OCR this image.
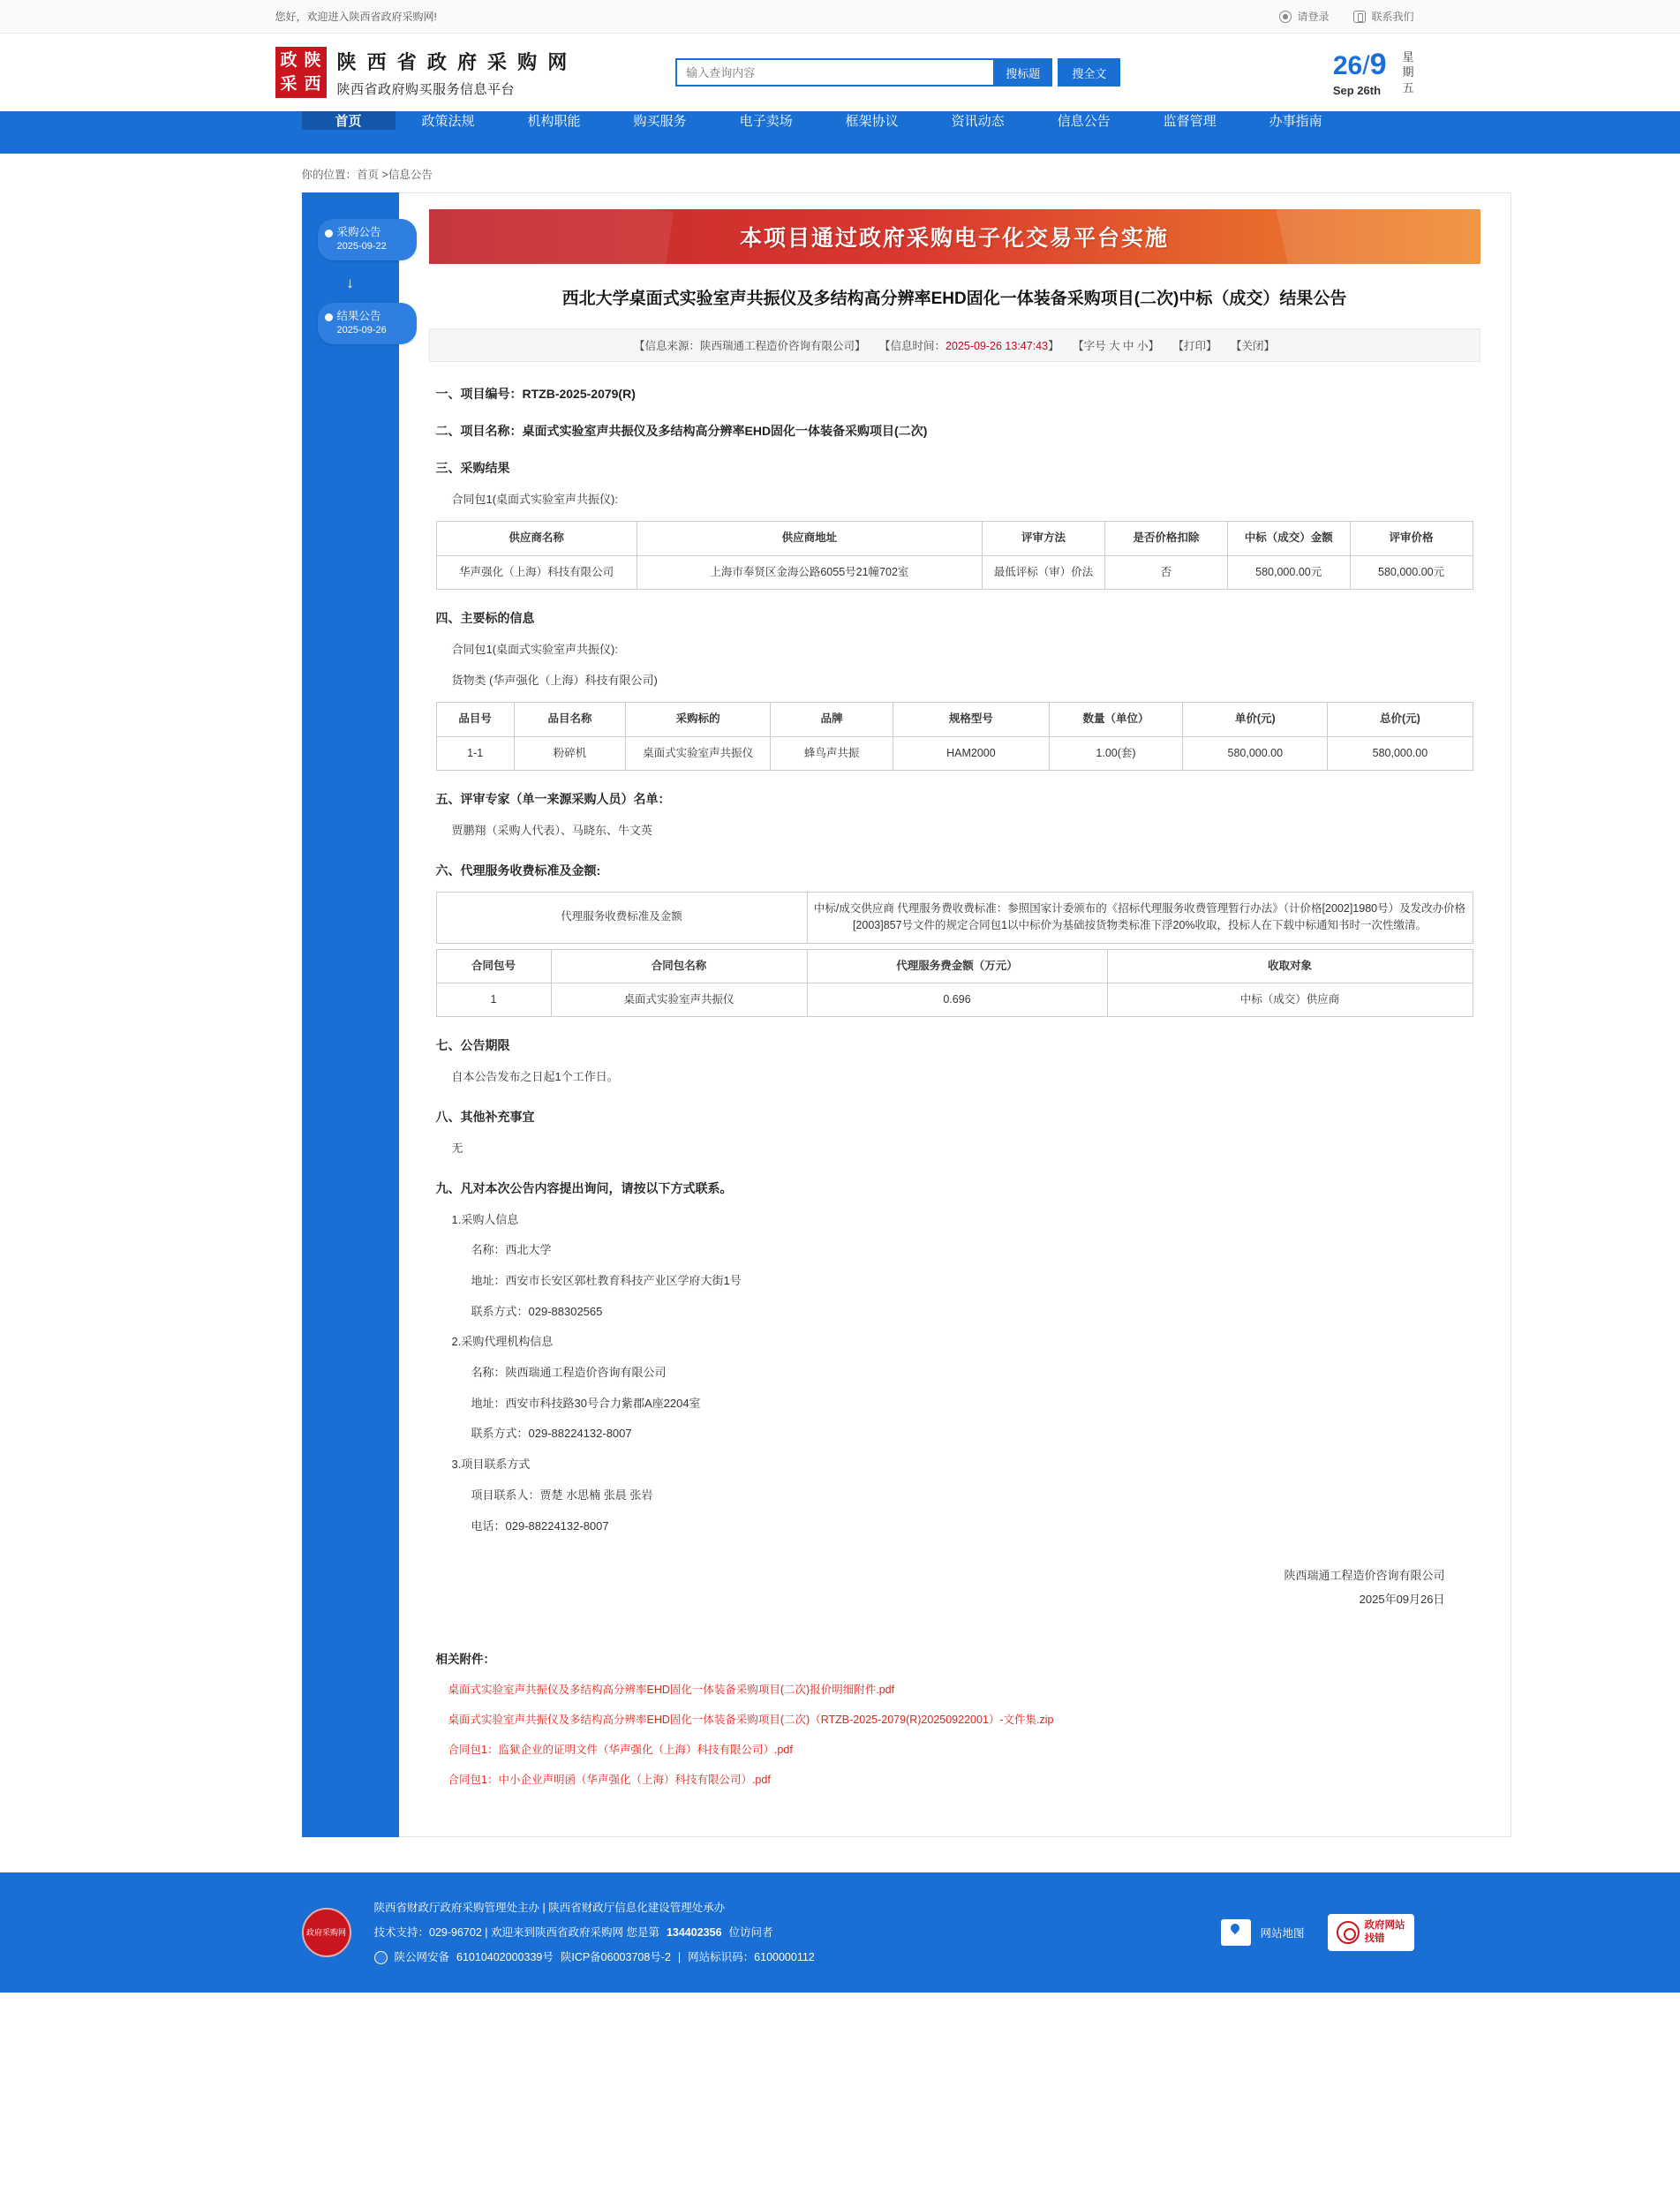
您好，欢迎进入陕西省政府采购网!	请登录	联系我们
政 陕
采 西
陕 西 省 政 府 采 购 网
陕西省政府购买服务信息平台
输入查询内容
搜标题	搜全文	26/9
Sep 26th
星
期
五
首页	政策法规	机构职能	购买服务	电子卖场	框架协议	资讯动态	信息公告	监督管理	办事指南
你的位置：首页 >信息公告
采购公告
2025-09-22
↓
结果公告
2025-09-26
本项目通过政府采购电子化交易平台实施
西北大学桌面式实验室声共振仪及多结构高分辨率EHD固化一体装备采购项目(二次)中标（成交）结果公告
【信息来源：陕西瑞通工程造价咨询有限公司】 【信息时间：2025-09-26 13:47:43】 【字号 大 中 小】 【打印】 【关闭】
一、项目编号：RTZB-2025-2079(R)
二、项目名称：桌面式实验室声共振仪及多结构高分辨率EHD固化一体装备采购项目(二次)
三、采购结果
合同包1(桌面式实验室声共振仪):
供应商名称	供应商地址	评审方法	是否价格扣除	中标（成交）金额	评审价格
华声强化（上海）科技有限公司	上海市奉贤区金海公路6055号21幢702室	最低评标（审）价法	否	580,000.00元	580,000.00元
四、主要标的信息
合同包1(桌面式实验室声共振仪):
货物类 (华声强化（上海）科技有限公司)
品目号	品目名称	采购标的	品牌	规格型号	数量（单位）	单价(元)	总价(元)
1-1	粉碎机	桌面式实验室声共振仪	蜂鸟声共振	HAM2000	1.00(套)	580,000.00	580,000.00
五、评审专家（单一来源采购人员）名单：
贾鹏翔（采购人代表）、马晓东、牛文英
六、代理服务收费标准及金额:
代理服务收费标准及金额	中标/成交供应商 代理服务费收费标准：参照国家计委颁布的《招标代理服务收费管理暂行办法》（计价格[2002]1980号）及发改办价格[2003]857号文件的规定合同包1以中标价为基础按货物类标准下浮20%收取，投标人在下载中标通知书时一次性缴清。
合同包号	合同包名称	代理服务费金额（万元）	收取对象
1	桌面式实验室声共振仪	0.696	中标（成交）供应商
七、公告期限
自本公告发布之日起1个工作日。
八、其他补充事宜
无
九、凡对本次公告内容提出询问，请按以下方式联系。
1.采购人信息
名称：西北大学
地址：西安市长安区郭杜教育科技产业区学府大街1号
联系方式：029-88302565
2.采购代理机构信息
名称：陕西瑞通工程造价咨询有限公司
地址：西安市科技路30号合力紫郡A座2204室
联系方式：029-88224132-8007
3.项目联系方式
项目联系人：贾楚 水思楠 张晨 张岩
电话：029-88224132-8007
陕西瑞通工程造价咨询有限公司
2025年09月26日
相关附件：
桌面式实验室声共振仪及多结构高分辨率EHD固化一体装备采购项目(二次)报价明细附件.pdf
桌面式实验室声共振仪及多结构高分辨率EHD固化一体装备采购项目(二次)（RTZB-2025-2079(R)20250922001）-文件集.zip
合同包1：监狱企业的证明文件（华声强化（上海）科技有限公司）.pdf
合同包1：中小企业声明函（华声强化（上海）科技有限公司）.pdf
政府采购网
陕西省财政厅政府采购管理处主办 | 陕西省财政厅信息化建设管理处承办
技术支持：029-96702 | 欢迎来到陕西省政府采购网 您是第 134402356 位访问者
陕公网安备 61010402000339号 陕ICP备06003708号-2 | 网站标识码：6100000112
网站地图
政府网站
找错
